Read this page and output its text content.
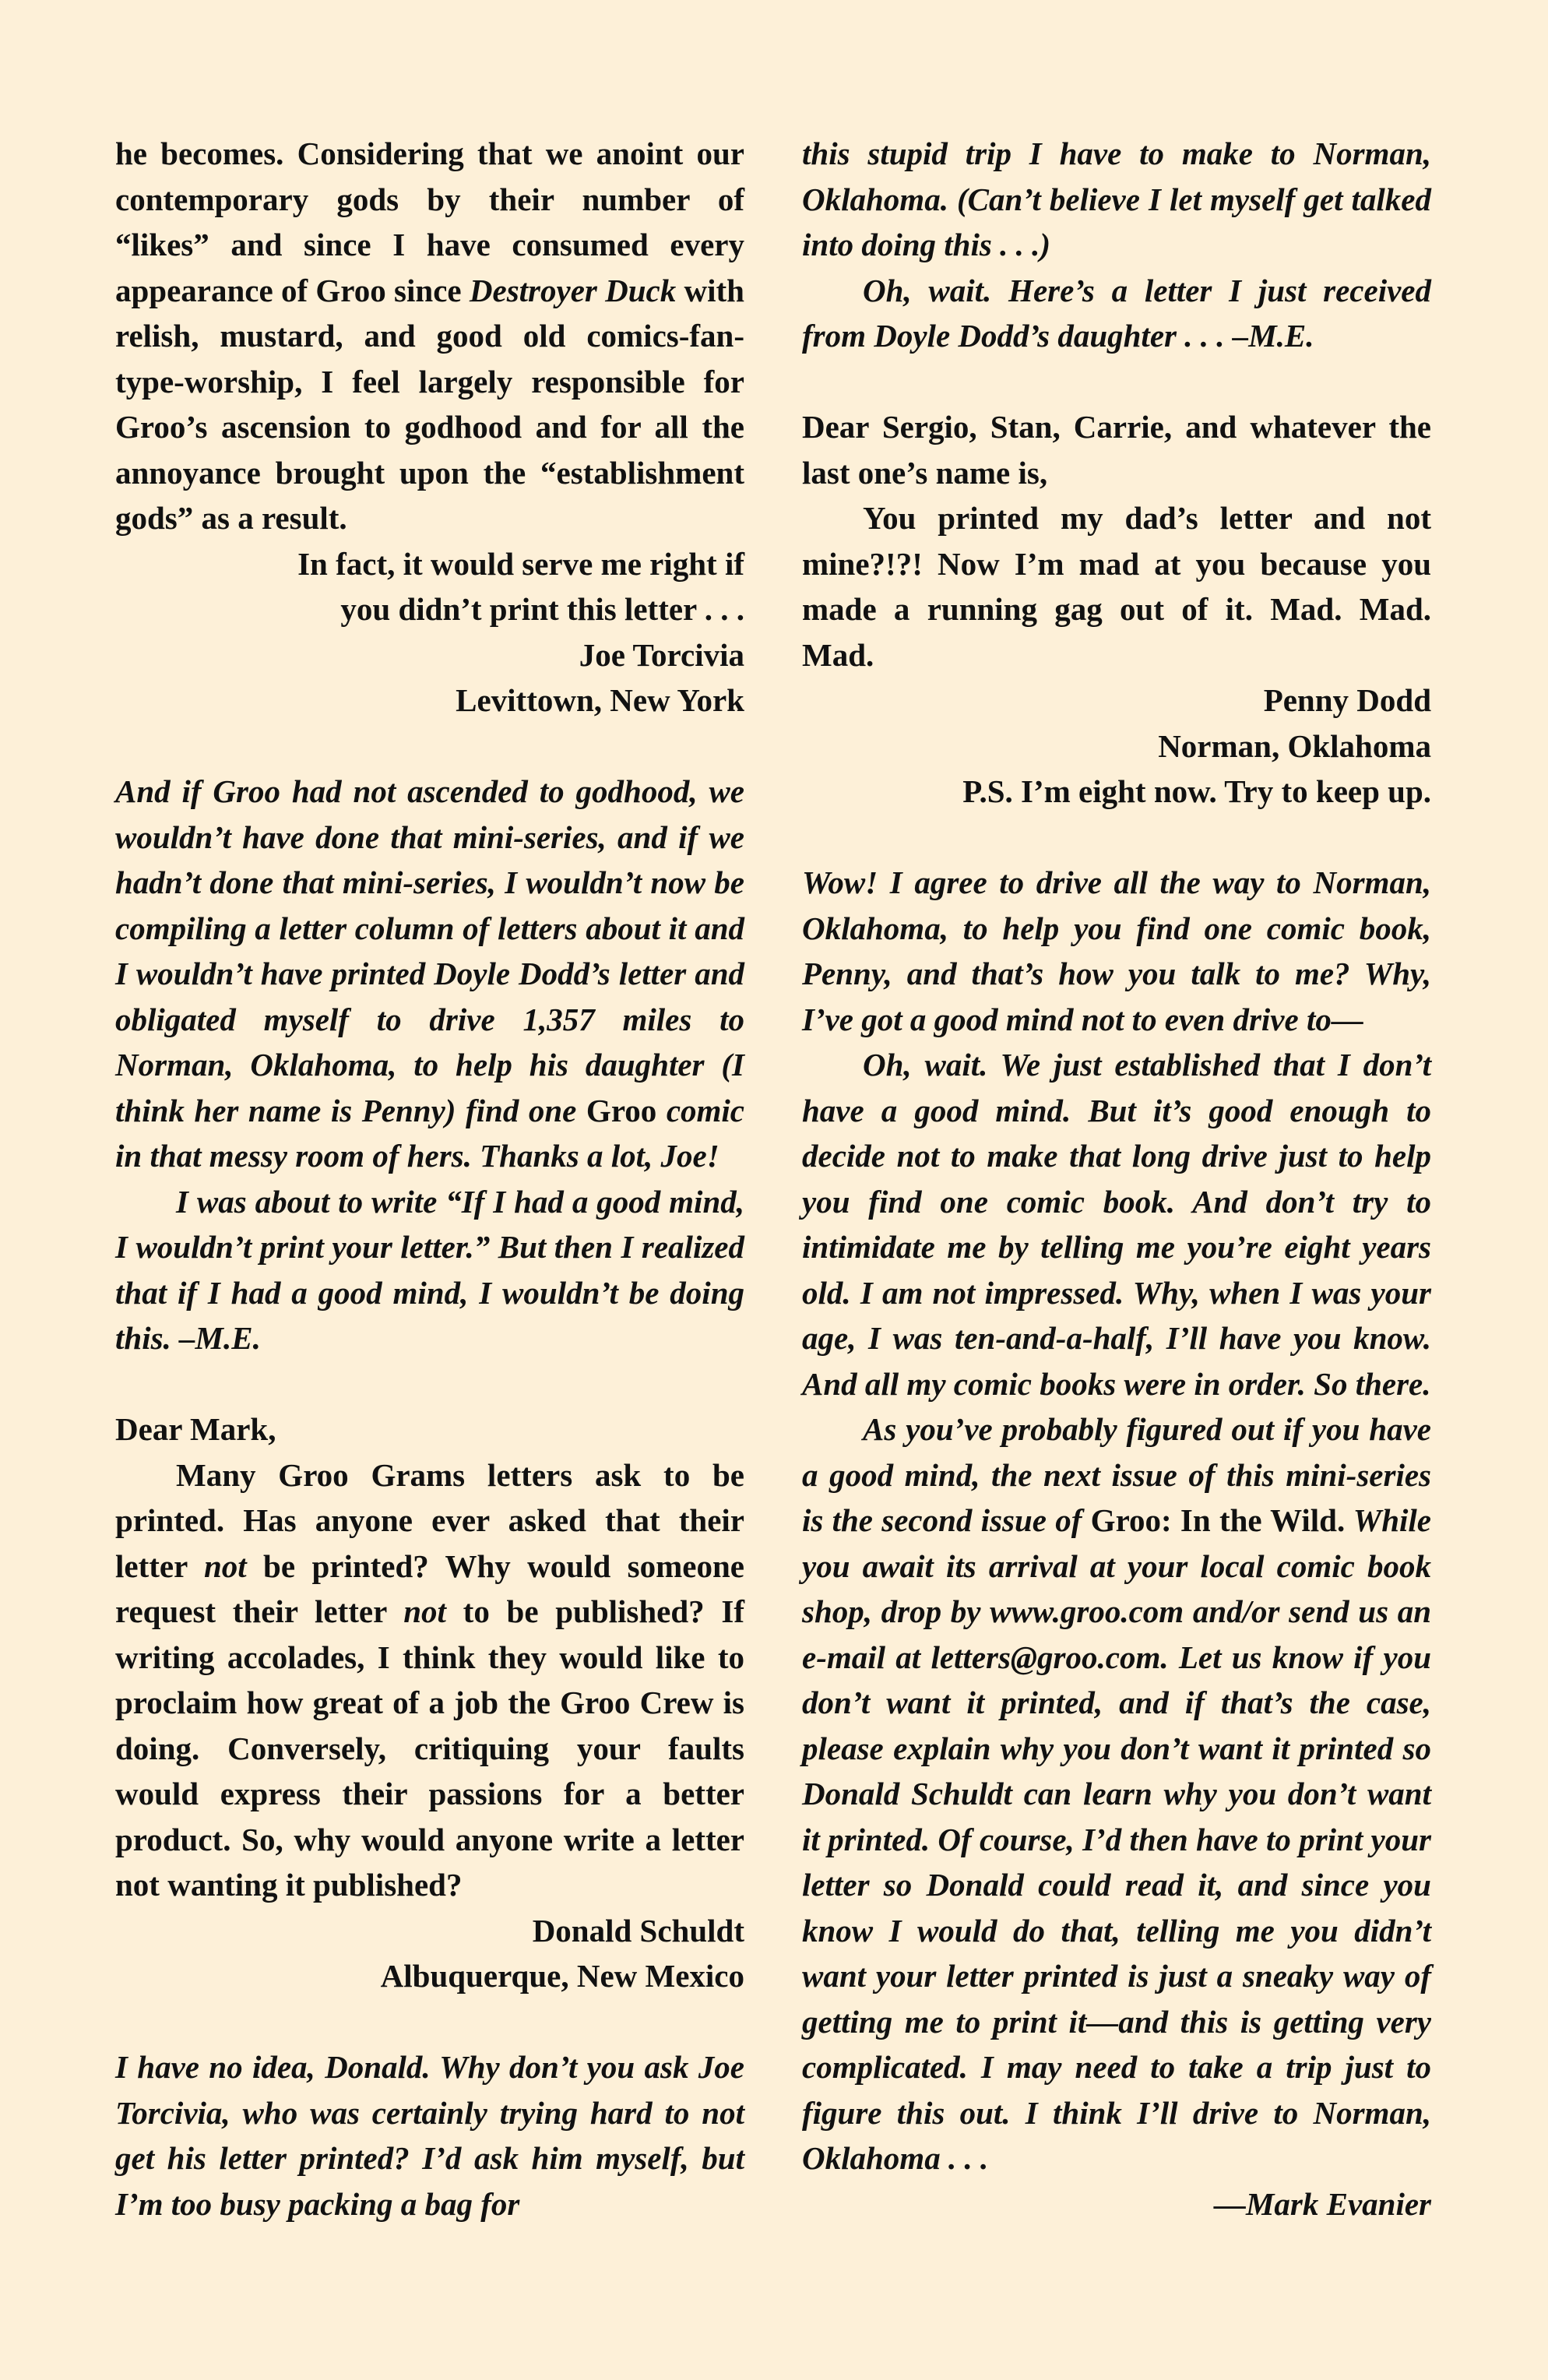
he becomes. Considering that we anoint our contemporary gods by their number of “likes” and since I have consumed every appearance of Groo since Destroyer Duck with relish, mustard, and good old comics-fan-type-worship, I feel largely responsible for Groo’s ascension to godhood and for all the annoyance brought upon the “establishment gods” as a result.

In fact, it would serve me right if

you didn’t print this letter . . .

Joe Torcivia

Levittown, New York

And if Groo had not ascended to godhood, we wouldn’t have done that mini-series, and if we hadn’t done that mini-series, I wouldn’t now be compiling a letter column of letters about it and I wouldn’t have printed Doyle Dodd’s letter and obligated myself to drive 1,357 miles to Norman, Oklahoma, to help his daughter (I think her name is Penny) find one Groo comic in that messy room of hers. Thanks a lot, Joe!

I was about to write “If I had a good mind, I wouldn’t print your letter.” But then I realized that if I had a good mind, I wouldn’t be doing this. –M.E.

Dear Mark,

Many Groo Grams letters ask to be printed. Has anyone ever asked that their letter not be printed? Why would someone request their letter not to be published? If writing accolades, I think they would like to proclaim how great of a job the Groo Crew is doing. Conversely, critiquing your faults would express their passions for a better product. So, why would anyone write a letter not wanting it published?

Donald Schuldt

Albuquerque, New Mexico

I have no idea, Donald. Why don’t you ask Joe Torcivia, who was certainly trying hard to not get his letter printed? I’d ask him myself, but I’m too busy packing a bag for

this stupid trip I have to make to Norman, Oklahoma. (Can’t believe I let myself get talked into doing this . . .)

Oh, wait. Here’s a letter I just received from Doyle Dodd’s daughter . . . –M.E.

Dear Sergio, Stan, Carrie, and whatever the last one’s name is,

You printed my dad’s letter and not mine?!?! Now I’m mad at you because you made a running gag out of it. Mad. Mad. Mad.

Penny Dodd

Norman, Oklahoma

P.S. I’m eight now. Try to keep up.

Wow! I agree to drive all the way to Norman, Oklahoma, to help you find one comic book, Penny, and that’s how you talk to me? Why, I’ve got a good mind not to even drive to—

Oh, wait. We just established that I don’t have a good mind. But it’s good enough to decide not to make that long drive just to help you find one comic book. And don’t try to intimidate me by telling me you’re eight years old. I am not impressed. Why, when I was your age, I was ten-and-a-half, I’ll have you know. And all my comic books were in order. So there.

As you’ve probably figured out if you have a good mind, the next issue of this mini-series is the second issue of Groo: In the Wild. While you await its arrival at your local comic book shop, drop by www.groo.com and/or send us an e-mail at letters@groo.com. Let us know if you don’t want it printed, and if that’s the case, please explain why you don’t want it printed so Donald Schuldt can learn why you don’t want it printed. Of course, I’d then have to print your letter so Donald could read it, and since you know I would do that, telling me you didn’t want your letter printed is just a sneaky way of getting me to print it—and this is getting very complicated. I may need to take a trip just to figure this out. I think I’ll drive to Norman, Oklahoma . . .

—Mark Evanier
